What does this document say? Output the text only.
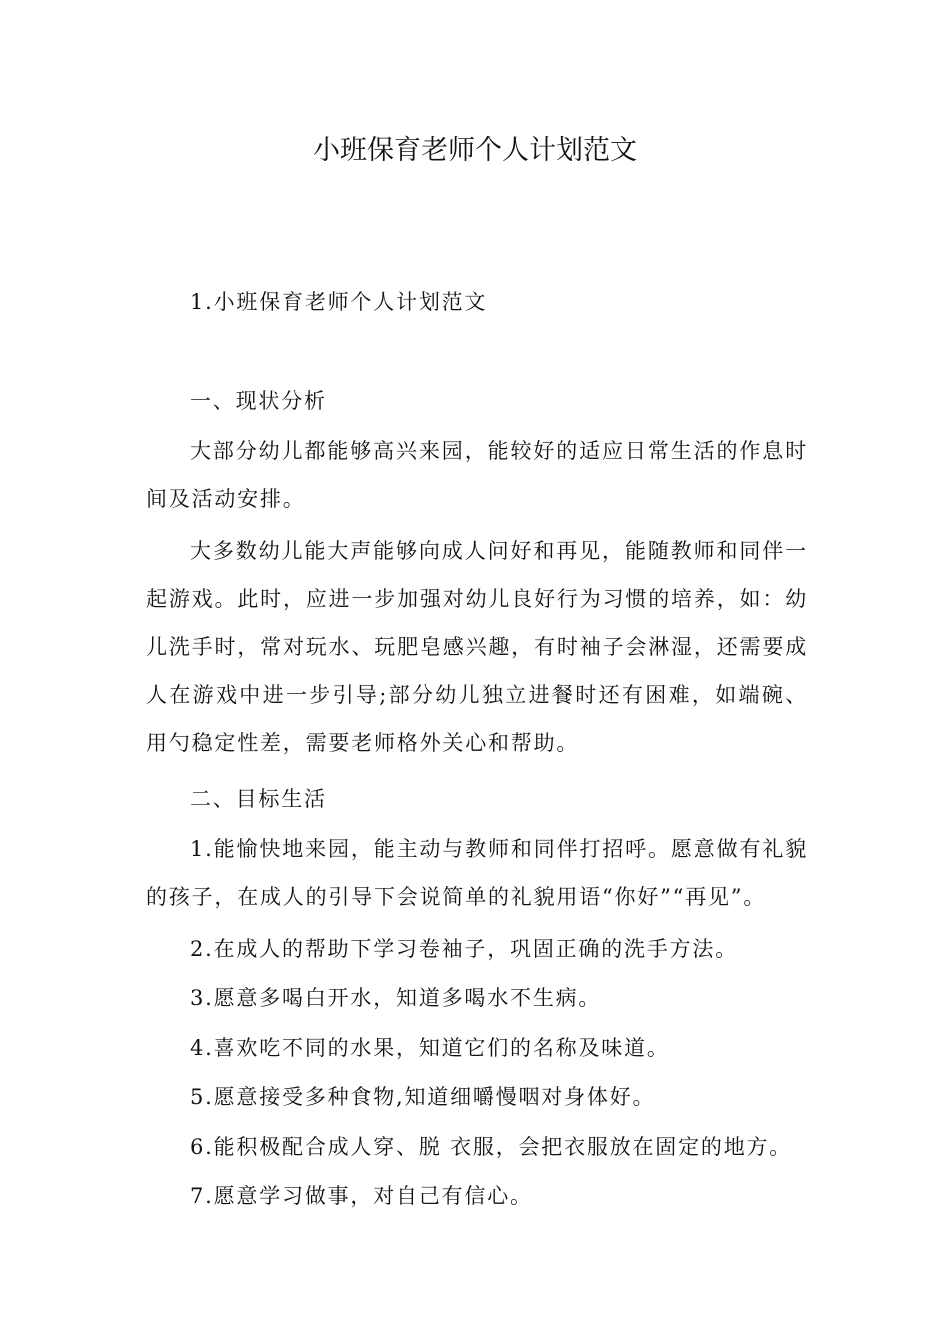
小班保育老师个人计划范文

1.小班保育老师个人计划范文

一、现状分析

大部分幼儿都能够高兴来园，能较好的适应日常生活的作息时间及活动安排。

大多数幼儿能大声能够向成人问好和再见，能随教师和同伴一起游戏。此时，应进一步加强对幼儿良好行为习惯的培养，如：幼儿洗手时，常对玩水、玩肥皂感兴趣，有时袖子会淋湿，还需要成人在游戏中进一步引导;部分幼儿独立进餐时还有困难，如端碗、用勺稳定性差，需要老师格外关心和帮助。

二、目标生活

1.能愉快地来园，能主动与教师和同伴打招呼。愿意做有礼貌的孩子，在成人的引导下会说简单的礼貌用语“你好”“再见”。

2.在成人的帮助下学习卷袖子，巩固正确的洗手方法。

3.愿意多喝白开水，知道多喝水不生病。

4.喜欢吃不同的水果，知道它们的名称及味道。

5.愿意接受多种食物,知道细嚼慢咽对身体好。

6.能积极配合成人穿、脱 衣服，会把衣服放在固定的地方。

7.愿意学习做事，对自己有信心。
